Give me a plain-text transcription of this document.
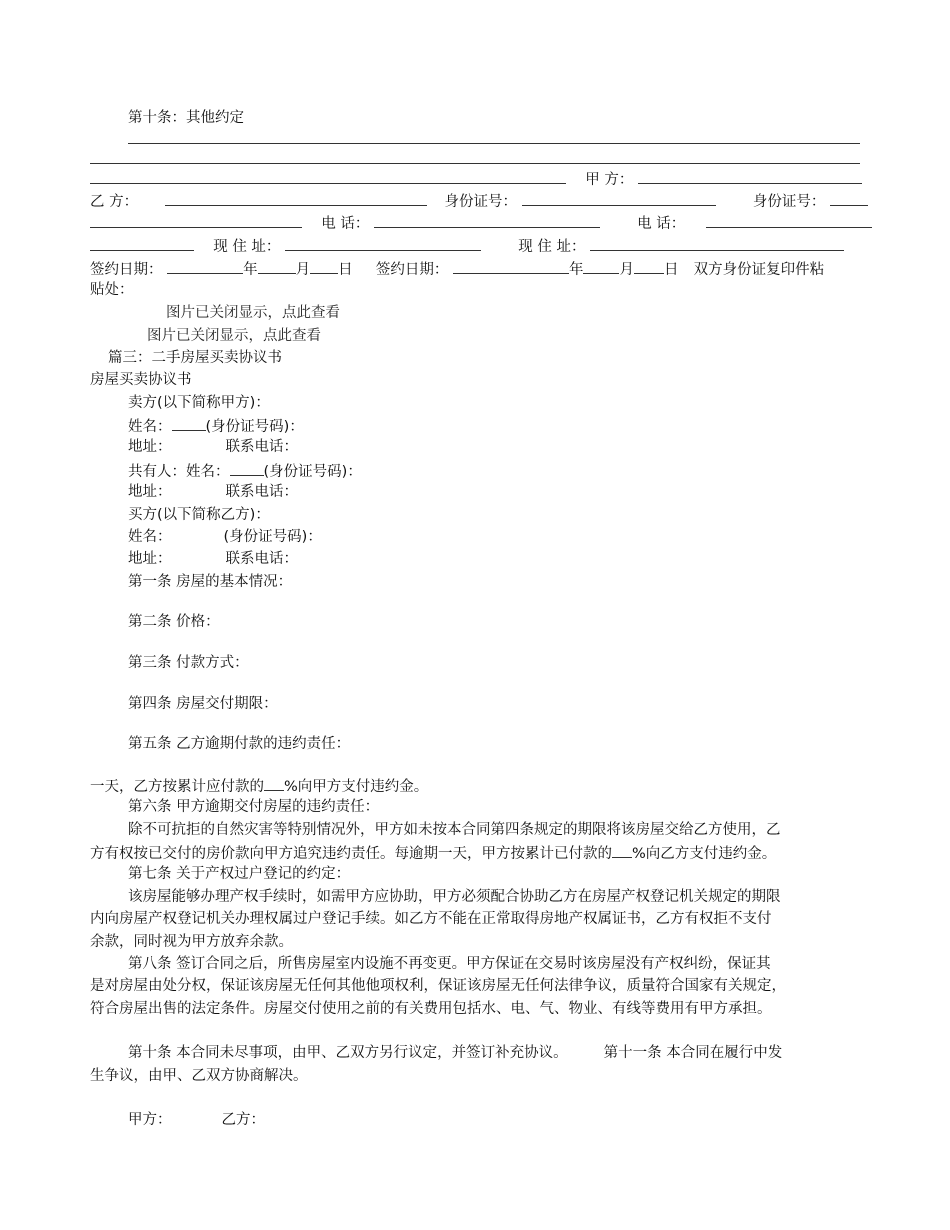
第十条：其他约定
甲 方：
乙 方：	身份证号：	身份证号：
电 话：	电 话：
现 住 址：	现 住 址：
签约日期：	年	月 日 签约日期：	年 月 日 双方身份证复印件粘
贴处：
图片已关闭显示，点此查看
图片已关闭显示，点此查看
篇三：二手房屋买卖协议书
房屋买卖协议书
卖方(以下简称甲方)：
姓名： (身份证号码)：
地址：	联系电话：
共有人：姓名： (身份证号码)：
地址：	联系电话：
买方(以下简称乙方)：
姓名：	(身份证号码)：
地址：	联系电话：
第一条 房屋的基本情况：
第二条 价格：
第三条 付款方式：
第四条 房屋交付期限：
第五条 乙方逾期付款的违约责任：
一天，乙方按累计应付款的 %向甲方支付违约金。
第六条 甲方逾期交付房屋的违约责任：
除不可抗拒的自然灾害等特别情况外，甲方如未按本合同第四条规定的期限将该房屋交给乙方使用，乙
方有权按已交付的房价款向甲方追究违约责任。每逾期一天，甲方按累计已付款的 %向乙方支付违约金。
第七条 关于产权过户登记的约定：
该房屋能够办理产权手续时，如需甲方应协助，甲方必须配合协助乙方在房屋产权登记机关规定的期限
内向房屋产权登记机关办理权属过户登记手续。如乙方不能在正常取得房地产权属证书，乙方有权拒不支付
余款，同时视为甲方放弃余款。
第八条 签订合同之后，所售房屋室内设施不再变更。甲方保证在交易时该房屋没有产权纠纷，保证其
是对房屋由处分权，保证该房屋无任何其他他项权利，保证该房屋无任何法律争议，质量符合国家有关规定，
符合房屋出售的法定条件。房屋交付使用之前的有关费用包括水、电、气、物业、有线等费用有甲方承担。
第十条 本合同未尽事项，由甲、乙双方另行议定，并签订补充协议。 第十一条 本合同在履行中发
生争议，由甲、乙双方协商解决。
甲方：	乙方：
